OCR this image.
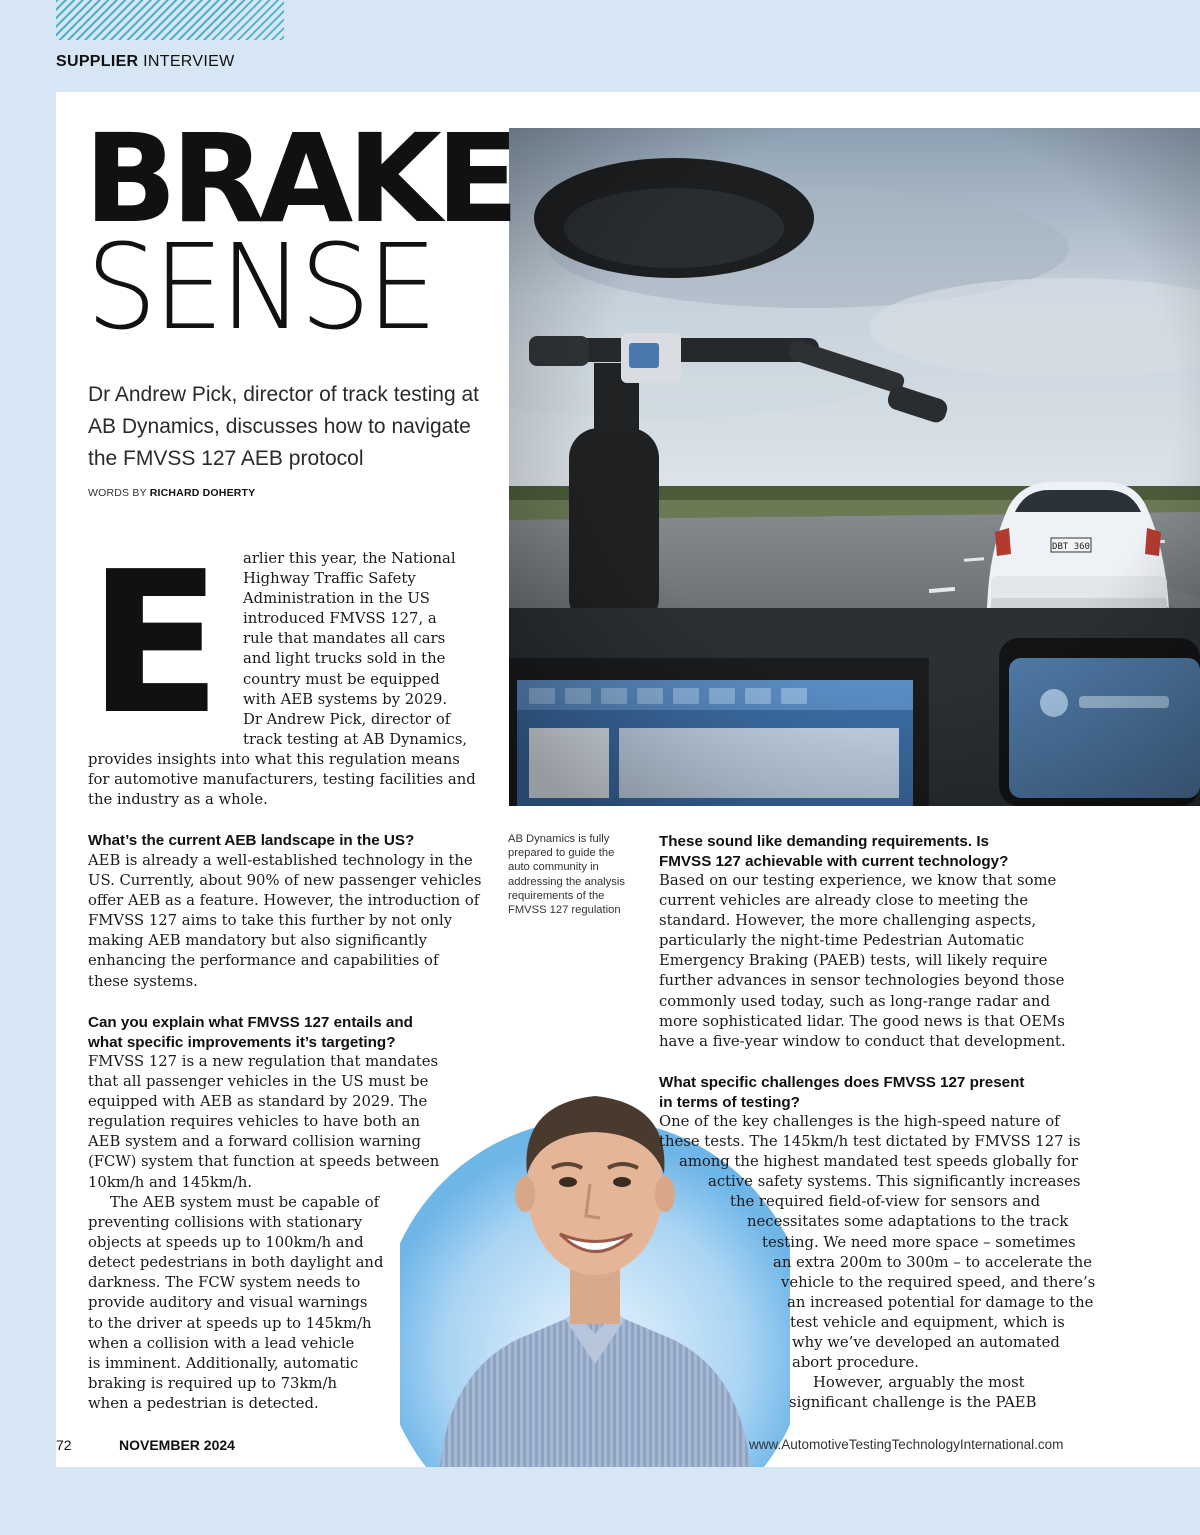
SUPPLIER INTERVIEW
BRAKE
SENSE
Dr Andrew Pick, director of track testing at AB Dynamics, discusses how to navigate the FMVSS 127 AEB protocol
WORDS BY RICHARD DOHERTY
E arlier this year, the National
Highway Traffic Safety
Administration in the US
introduced FMVSS 127, a
rule that mandates all cars
and light trucks sold in the
country must be equipped
with AEB systems by 2029.
Dr Andrew Pick, director of
track testing at AB Dynamics,
provides insights into what this regulation means
for automotive manufacturers, testing facilities and
the industry as a whole.
What’s the current AEB landscape in the US?
AEB is already a well-established technology in the
US. Currently, about 90% of new passenger vehicles
offer AEB as a feature. However, the introduction of
FMVSS 127 aims to take this further by not only
making AEB mandatory but also significantly
enhancing the performance and capabilities of
these systems.
Can you explain what FMVSS 127 entails and
what specific improvements it’s targeting?
FMVSS 127 is a new regulation that mandates
that all passenger vehicles in the US must be
equipped with AEB as standard by 2029. The
regulation requires vehicles to have both an
AEB system and a forward collision warning
(FCW) system that function at speeds between
10km/h and 145km/h.
The AEB system must be capable of
preventing collisions with stationary
objects at speeds up to 100km/h and
detect pedestrians in both daylight and
darkness. The FCW system needs to
provide auditory and visual warnings
to the driver at speeds up to 145km/h
when a collision with a lead vehicle
is imminent. Additionally, automatic
braking is required up to 73km/h
when a pedestrian is detected.
AB Dynamics is fully prepared to guide the auto community in addressing the analysis requirements of the FMVSS 127 regulation
These sound like demanding requirements. Is
FMVSS 127 achievable with current technology?
Based on our testing experience, we know that some
current vehicles are already close to meeting the
standard. However, the more challenging aspects,
particularly the night-time Pedestrian Automatic
Emergency Braking (PAEB) tests, will likely require
further advances in sensor technologies beyond those
commonly used today, such as long-range radar and
more sophisticated lidar. The good news is that OEMs
have a five-year window to conduct that development.
What specific challenges does FMVSS 127 present
in terms of testing?
One of the key challenges is the high-speed nature of
these tests. The 145km/h test dictated by FMVSS 127 is
among the highest mandated test speeds globally for
active safety systems. This significantly increases
the required field-of-view for sensors and
necessitates some adaptations to the track
testing. We need more space – sometimes
an extra 200m to 300m – to accelerate the
vehicle to the required speed, and there’s
an increased potential for damage to the
test vehicle and equipment, which is
why we’ve developed an automated
abort procedure.
However, arguably the most
significant challenge is the PAEB
72	NOVEMBER 2024	www.AutomotiveTestingTechnologyInternational.com
